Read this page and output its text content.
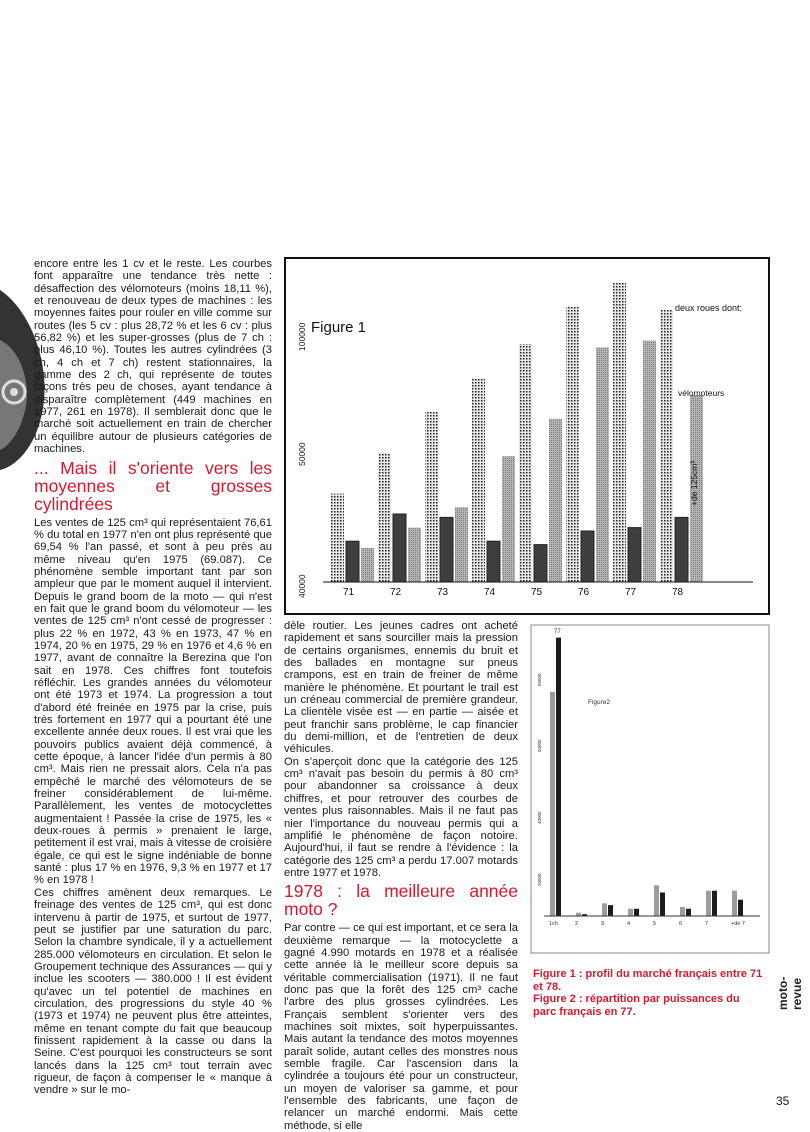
encore entre les 1 cv et le reste. Les courbes font apparaître une tendance très nette : désaffection des vélomoteurs (moins 18,11 %), et renouveau de deux types de machines : les moyennes faites pour rouler en ville comme sur routes (les 5 cv : plus 28,72 % et les 6 cv : plus 56,82 %) et les super-grosses (plus de 7 ch : plus 46,10 %). Toutes les autres cylindrées (3 ch, 4 ch et 7 ch) restent stationnaires, la gamme des 2 ch, qui représente de toutes façons très peu de choses, ayant tendance à disparaître complètement (449 machines en 1977, 261 en 1978). Il semblerait donc que le marché soit actuellement en train de chercher un équilibre autour de plusieurs catégories de machines.

... Mais il s'oriente vers les moyennes et grosses cylindrées

Les ventes de 125 cm³ qui représentaient 76,61 % du total en 1977 n'en ont plus représenté que 69,54 % l'an passé, et sont à peu près au même niveau qu'en 1975 (69.087). Ce phénomène semble important tant par son ampleur que par le moment auquel il intervient. Depuis le grand boom de la moto — qui n'est en fait que le grand boom du vélomoteur — les ventes de 125 cm³ n'ont cessé de progresser : plus 22 % en 1972, 43 % en 1973, 47 % en 1974, 20 % en 1975, 29 % en 1976 et 4,6 % en 1977, avant de connaître la Berezina que l'on sait en 1978. Ces chiffres font toutefois réfléchir. Les grandes années du vélomoteur ont été 1973 et 1974. La progression a tout d'abord été freinée en 1975 par la crise, puis très fortement en 1977 qui a pourtant été une excellente année deux roues. Il est vrai que les pouvoirs publics avaient déjà commencé, à cette époque, à lancer l'idée d'un permis à 80 cm³. Mais rien ne pressait alors. Cela n'a pas empêché le marché des vélomoteurs de se freiner considérablement de lui-même. Parallèlement, les ventes de motocyclettes augmentaient ! Passée la crise de 1975, les « deux-roues à permis » prenaient le large, petitement il est vrai, mais à vitesse de croisière égale, ce qui est le signe indéniable de bonne santé : plus 17 % en 1976, 9,3 % en 1977 et 17 % en 1978 !

Ces chiffres amènent deux remarques. Le freinage des ventes de 125 cm³, qui est donc intervenu à partir de 1975, et surtout de 1977, peut se justifier par une saturation du parc. Selon la chambre syndicale, il y a actuellement 285.000 vélomoteurs en circulation. Et selon le Groupement technique des Assurances — qui y inclue les scooters — 380.000 ! Il est évident qu'avec un tel potentiel de machines en circulation, des progressions du style 40 % (1973 et 1974) ne peuvent plus être atteintes, même en tenant compte du fait que beaucoup finissent rapidement à la casse ou dans la Seine. C'est pourquoi les constructeurs se sont lancés dans la 125 cm³ tout terrain avec rigueur, de façon à compenser le « manque à vendre » sur le mo-

71	72	73	74	75	76	77	78
40000
50000
100000 Figure 1
deux roues dont:
vélomoteurs
+de 125cm³

dèle routier. Les jeunes cadres ont acheté rapidement et sans sourciller mais la pression de certains organismes, ennemis du bruit et des ballades en montagne sur pneus crampons, est en train de freiner de même manière le phénomène. Et pourtant le trail est un créneau commercial de première grandeur. La clientèle visée est — en partie — aisée et peut franchir sans problème, le cap financier du demi-million, et de l'entretien de deux véhicules.

On s'aperçoit donc que la catégorie des 125 cm³ n'avait pas besoin du permis à 80 cm³ pour abandonner sa croissance à deux chiffres, et pour retrouver des courbes de ventes plus raisonnables. Mais il ne faut pas nier l'importance du nouveau permis qui a amplifié le phénomène de façon notoire. Aujourd'hui, il faut se rendre à l'évidence : la catégorie des 125 cm³ a perdu 17.007 motards entre 1977 et 1978.

1978 : la meilleure année moto ?

Par contre — ce qui est important, et ce sera la deuxième remarque — la motocyclette a gagné 4.990 motards en 1978 et a réalisée cette année là le meilleur score depuis sa véritable commercialisation (1971). Il ne faut donc pas que la forêt des 125 cm³ cache l'arbre des plus grosses cylindrées. Les Français semblent s'orienter vers des machines soit mixtes, soit hyperpuissantes. Mais autant la tendance des motos moyennes paraît solide, autant celles des monstres nous semble fragile. Car l'ascension dans la cylindrée a toujours été pour un constructeur, un moyen de valoriser sa gamme, et pour l'ensemble des fabricants, une façon de relancer un marché endormi. Mais cette méthode, si elle

1ch	2	3	4	5	6	7	+de 7
20000
40000
50000
60000
Figure2
77

Figure 1 : profil du marché français entre 71 et 78.

Figure 2 : répartition par puissances du parc français en 77.

moto-revue
35
